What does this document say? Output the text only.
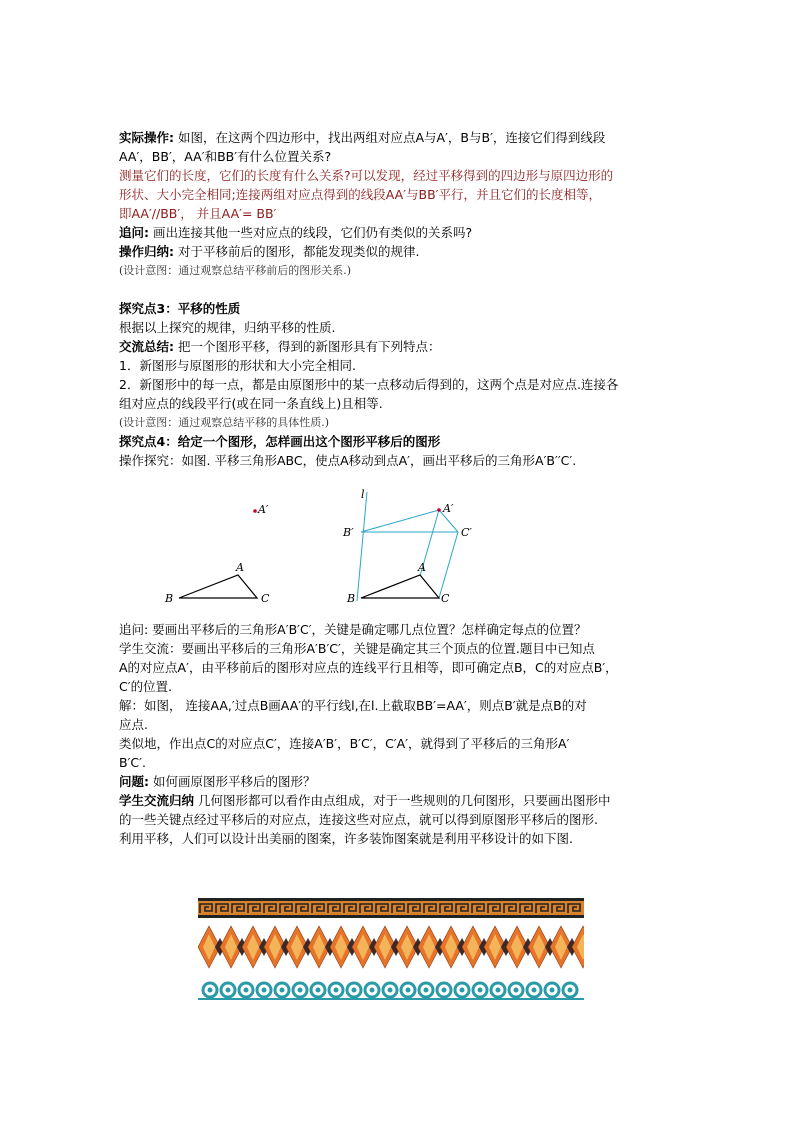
实际操作: 如图，在这两个四边形中，找出两组对应点A与A′，B与B′，连接它们得到线段
AA′，BB′，AA′和BB′有什么位置关系?

测量它们的长度，它们的长度有什么关系?可以发现，经过平移得到的四边形与原四边形的
形状、大小完全相同;连接两组对应点得到的线段AA′与BB′平行，并且它们的长度相等，
即AA′//BB′， 并且AA′= BB′

追问: 画出连接其他一些对应点的线段，它们仍有类似的关系吗?

操作归纳: 对于平移前后的图形，都能发现类似的规律.

(设计意图：通过观察总结平移前后的图形关系.)

探究点3：平移的性质

根据以上探究的规律，归纳平移的性质.

交流总结: 把一个图形平移，得到的新图形具有下列特点：

1．新图形与原图形的形状和大小完全相同.

2．新图形中的每一点，都是由原图形中的某一点移动后得到的，这两个点是对应点.连接各
组对应点的线段平行(或在同一条直线上)且相等.

(设计意图：通过观察总结平移的具体性质.)

探究点4：给定一个图形，怎样画出这个图形平移后的图形

操作探究：如图. 平移三角形ABC，使点A移动到点A′，画出平移后的三角形A′B′′C′.

A′
A
B	C
l
A′
B′	C′
A
B	C

追问: 要画出平移后的三角形A′B′C′，关键是确定哪几点位置？怎样确定每点的位置？

学生交流：要画出平移后的三角形A′B′C′，关键是确定其三个顶点的位置.题目中已知点
A的对应点A′，由平移前后的图形对应点的连线平行且相等，即可确定点B，C的对应点B′，
C′的位置.

解：如图， 连接AA,′过点B画AA′的平行线l,在l.上截取BB′=AA′，则点B′就是点B的对
应点.

类似地，作出点C的对应点C′，连接A′B′，B′C′，C′A′，就得到了平移后的三角形A′
B′C′.

问题: 如何画原图形平移后的图形？

学生交流归纳 几何图形都可以看作由点组成，对于一些规则的几何图形，只要画出图形中
的一些关键点经过平移后的对应点，连接这些对应点，就可以得到原图形平移后的图形.
利用平移，人们可以设计出美丽的图案，许多装饰图案就是利用平移设计的如下图.
